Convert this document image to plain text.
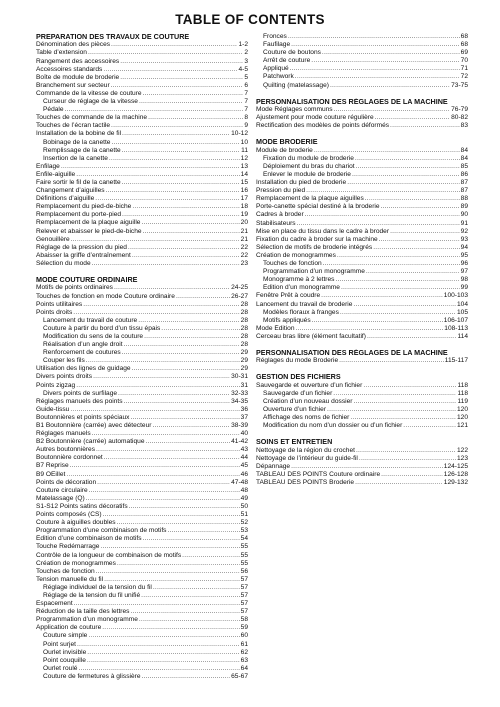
TABLE OF CONTENTS
PREPARATION DES TRAVAUX DE COUTURE
Dénomination des pièces .....	1-2
Table d’extension .....	2
Rangement des accessoires .....	3
Accessoires standards .....	4-5
Boîte de module de broderie .....	5
Branchement sur secteur .....	6
Commande de la vitesse de couture .....	7
Curseur de réglage de la vitesse .....	7
Pédale .....	7
Touches de commande de la machine .....	8
Touches de l’écran tactile .....	9
Installation de la bobine de fil .....	10-12
Bobinage de la canette .....	10
Remplissage de la canette .....	11
Insertion de la canette .....	12
Enfilage .....	13
Enfile-aiguille .....	14
Faire sortir le fil de la canette .....	15
Changement d’aiguilles .....	16
Définitions d’aiguille .....	17
Remplacement du pied-de-biche .....	18
Remplacement du porte-pied .....	19
Remplacement de la plaque aiguille .....	20
Relever et abaisser le pied-de-biche .....	21
Genouillère .....	21
Réglage de la pression du pied .....	22
Abaisser la griffe d’entraînement .....	22
Sélection du mode .....	23
MODE COUTURE ORDINAIRE
Motifs de points ordinaires .....	24-25
Touches de fonction en mode Couture ordinaire .....	26-27
Points utilitaires .....	28
Points droits .....	28
Lancement du travail de couture .....	28
Couture à partir du bord d’un tissu épais .....	28
Modification du sens de la couture .....	28
Réalisation d’un angle droit .....	28
Renforcement de coutures .....	29
Couper les fils .....	29
Utilisation des lignes de guidage .....	29
Divers points droits .....	30-31
Points zigzag .....	31
Divers points de surfilage .....	32-33
Réglages manuels des points .....	34-35
Guide-tissu .....	36
Boutonnières et points spéciaux .....	37
B1 Boutonnière (carrée) avec détecteur .....	38-39
Réglages manuels .....	40
B2 Boutonnière (carrée) automatique .....	41-42
Autres boutonnières .....	43
Boutonnière cordonnet .....	44
B7 Reprise .....	45
B9 OEillet .....	46
Points de décoration .....	47-48
Couture circulaire .....	48
Matelassage (Q) .....	49
S1-S12 Points satins décoratifs .....	50
Points composés (CS) .....	51
Couture à aiguilles doubles .....	52
Programmation d’une combinaison de motifs .....	53
Édition d’une combinaison de motifs .....	54
Touche Redémarrage .....	55
Contrôle de la longueur de combinaison de motifs .....	55
Création de monogrammes .....	55
Touches de fonction .....	56
Tension manuelle du fil .....	57
Réglage individuel de la tension du fil .....	57
Réglage de la tension du fil unifié .....	57
Espacement .....	57
Réduction de la taille des lettres .....	57
Programmation d’un monogramme .....	58
Application de couture .....	59
Couture simple .....	60
Point surjet .....	61
Ourlet invisible .....	62
Point couquille .....	63
Ourlet roulé .....	64
Couture de fermetures à glissière .....	65-67
Fronces .....	68
Faufilage .....	68
Couture de boutons .....	69
Arrêt de couture .....	70
Appliqué .....	71
Patchwork .....	72
Quilting (matelassage) .....	73-75
PERSONNALISATION DES RÉGLAGES DE LA MACHINE
Mode Réglages communs .....	76-79
Ajustement pour mode couture régulière .....	80-82
Rectification des modèles de points déformés .....	83
MODE BRODERIE
Module de broderie .....	84
Fixation du module de broderie .....	84
Déploiement du bras du chariot .....	85
Enlever le module de broderie .....	86
Installation du pied de broderie .....	87
Pression du pied .....	87
Remplacement de la plaque aiguilles .....	88
Porte-canette spécial destiné à la broderie .....	89
Cadres à broder .....	90
Stabilisateurs .....	91
Mise en place du tissu dans le cadre à broder .....	92
Fixation du cadre à broder sur la machine .....	93
Sélection de motifs de broderie intégrés .....	94
Création de monogrammes .....	95
Touches de fonction .....	96
Programmation d’un monogramme .....	97
Monogramme à 2 lettres .....	98
Édition d’un monogramme .....	99
Fenêtre Prêt à coudre .....	100-103
Lancement du travail de broderie .....	104
Modèles floraux à franges .....	105
Motifs appliqués .....	106-107
Mode Édition .....	108-113
Cerceau bras libre (élément facultatif) .....	114
PERSONNALISATION DES RÉGLAGES DE LA MACHINE
Réglages du mode Broderie .....	115-117
GESTION DES FICHIERS
Sauvegarde et ouverture d’un fichier .....	118
Sauvegarde d’un fichier .....	118
Création d’un nouveau dossier .....	119
Ouverture d’un fichier .....	120
Affichage des noms de fichier .....	120
Modification du nom d’un dossier ou d’un fichier .....	121
SOINS ET ENTRETIEN
Nettoyage de la région du crochet .....	122
Nettoyage de l’intérieur du guide-fil .....	123
Dépannage .....	124-125
TABLEAU DES POINTS Couture ordinaire .....	126-128
TABLEAU DES POINTS Broderie .....	129-132
